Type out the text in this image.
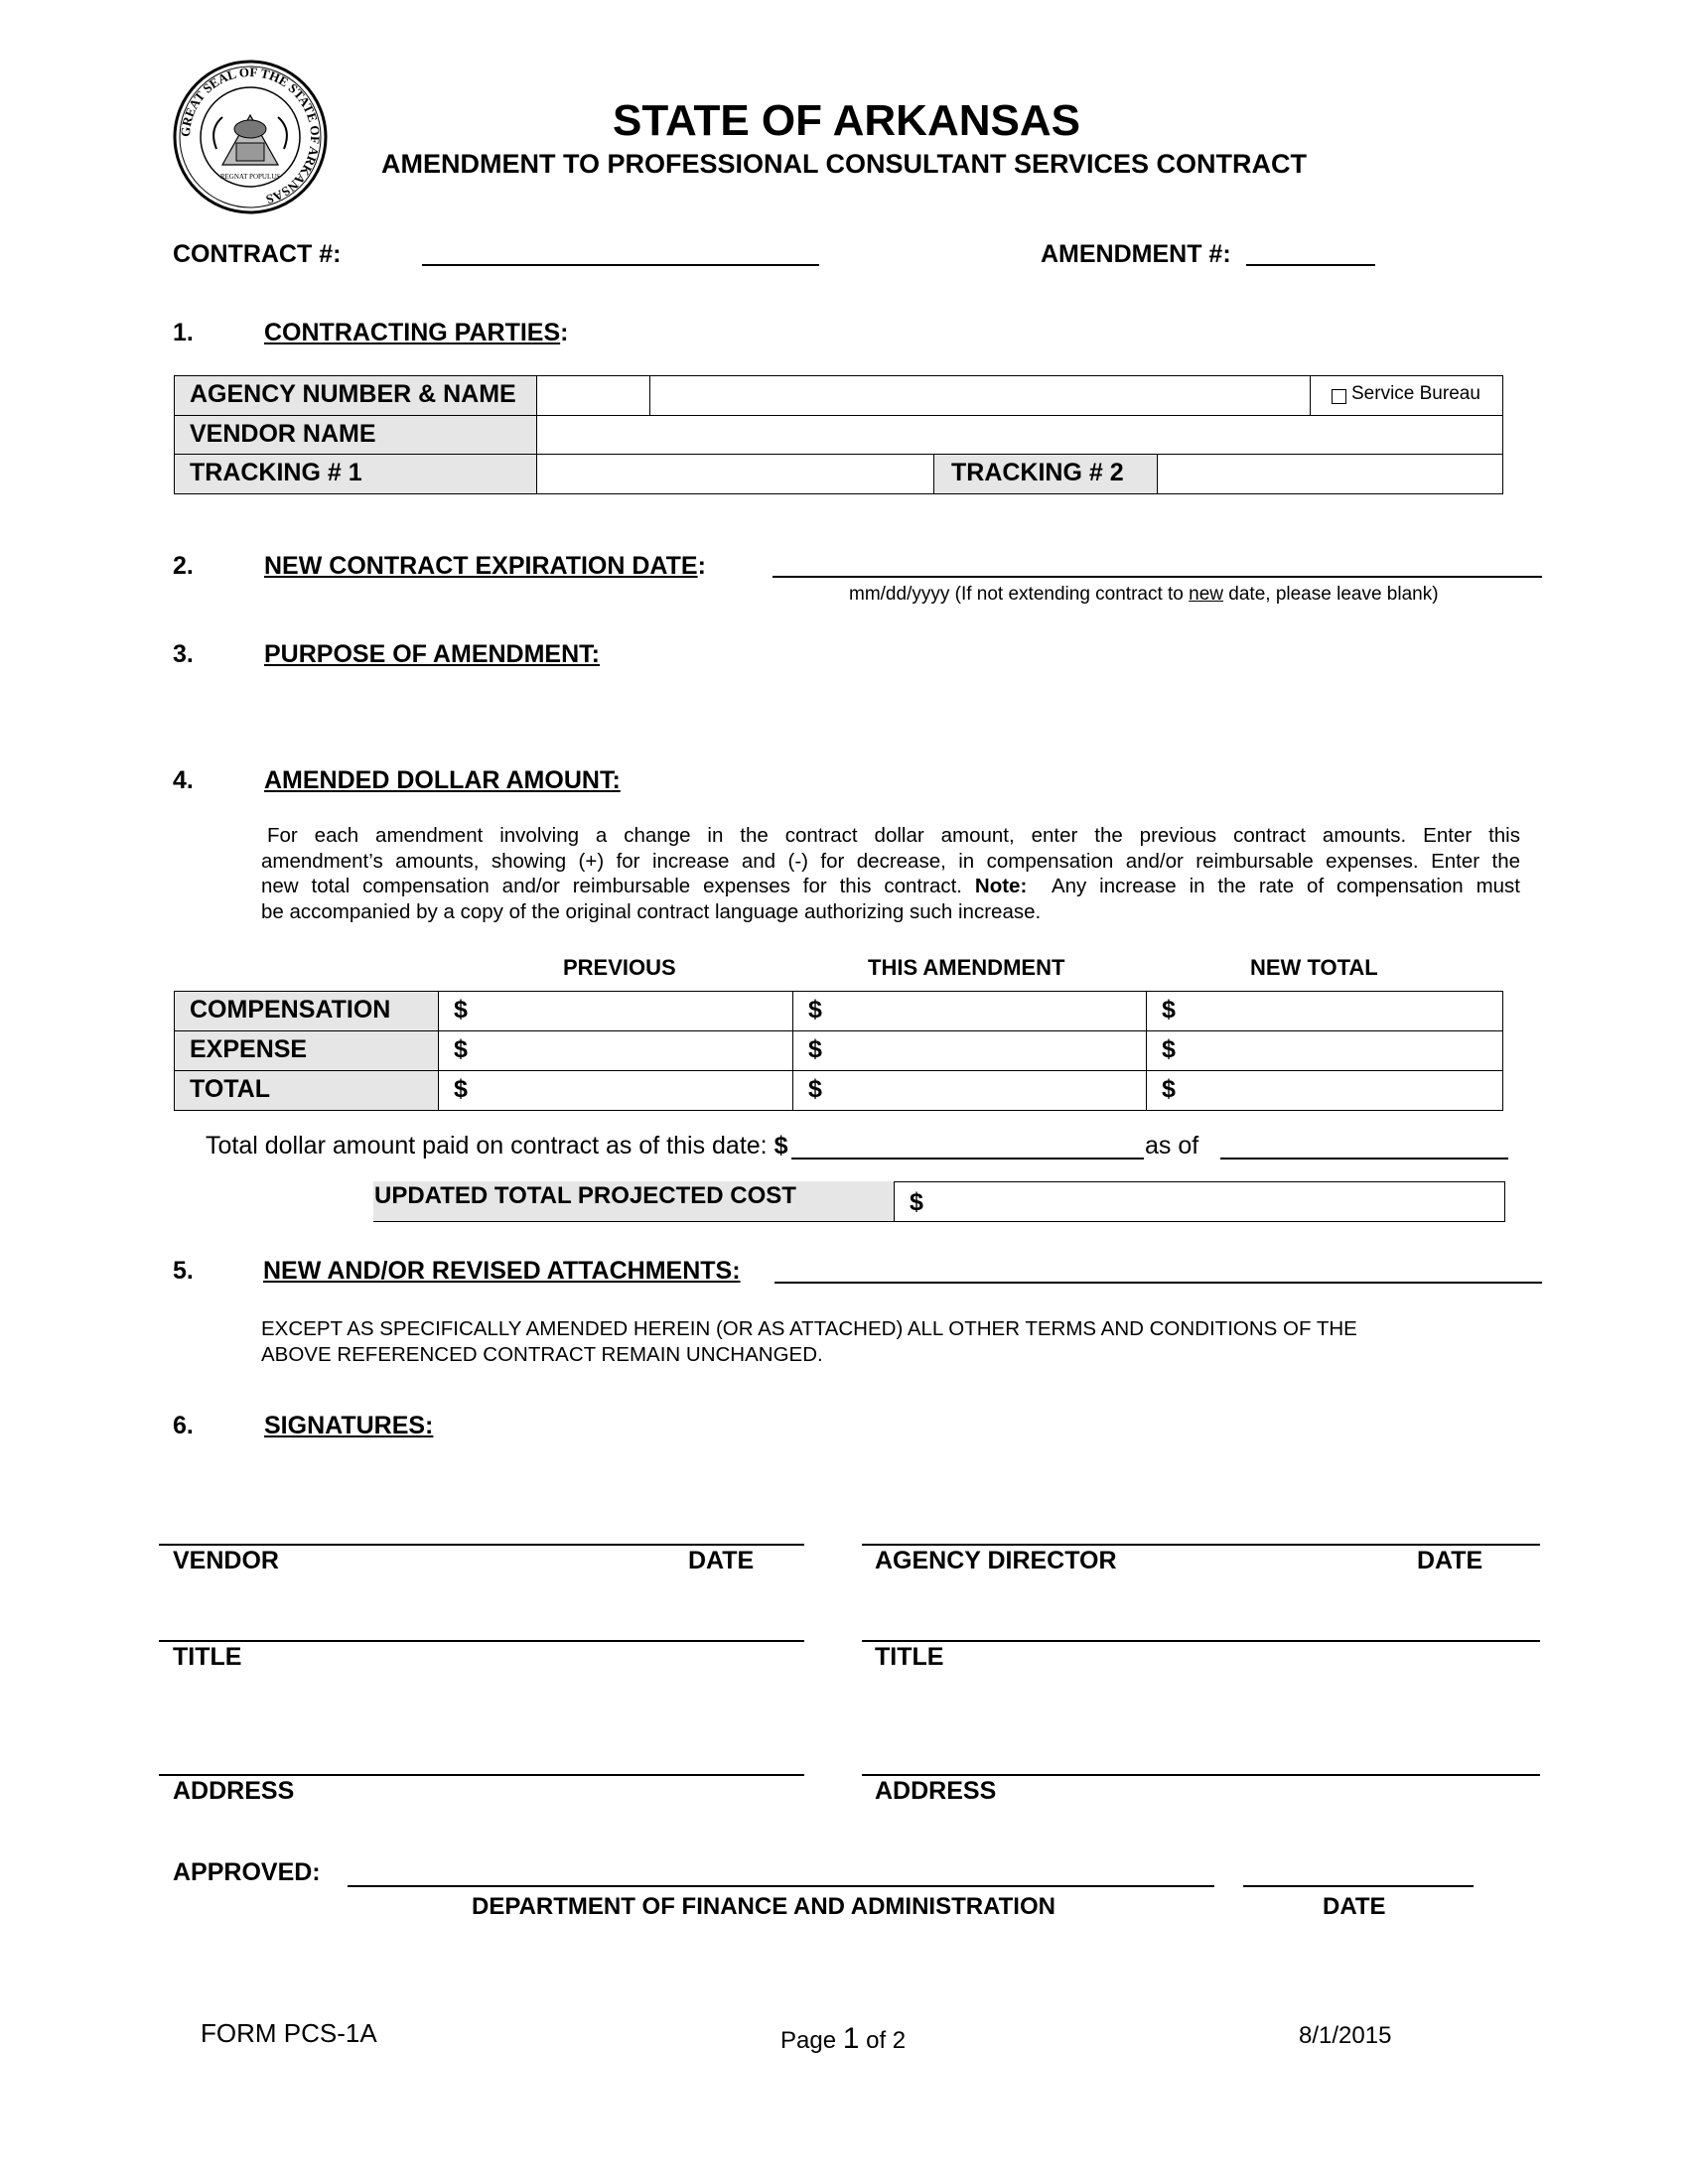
GREAT SEAL OF THE STATE OF ARKANSAS
REGNAT POPULUS
STATE OF ARKANSAS
AMENDMENT TO PROFESSIONAL CONSULTANT SERVICES CONTRACT
CONTRACT #:	AMENDMENT #:
1.	CONTRACTING PARTIES:
AGENCY NUMBER & NAME	Service Bureau
VENDOR NAME
TRACKING # 1	TRACKING # 2
2.	NEW CONTRACT EXPIRATION DATE:
mm/dd/yyyy (If not extending contract to new date, please leave blank)
3.	PURPOSE OF AMENDMENT:
4.	AMENDED DOLLAR AMOUNT:
For each amendment involving a change in the contract dollar amount, enter the previous contract amounts. Enter this
amendment’s amounts, showing (+) for increase and (-) for decrease, in compensation and/or reimbursable expenses. Enter the
new total compensation and/or reimbursable expenses for this contract. Note:  Any increase in the rate of compensation must
be accompanied by a copy of the original contract language authorizing such increase.
PREVIOUS	THIS AMENDMENT	NEW TOTAL
COMPENSATION	$	$	$
EXPENSE	$	$	$
TOTAL	$	$	$
Total dollar amount paid on contract as of this date: $	as of
UPDATED TOTAL PROJECTED COST	$
5.	NEW AND/OR REVISED ATTACHMENTS:
EXCEPT AS SPECIFICALLY AMENDED HEREIN (OR AS ATTACHED) ALL OTHER TERMS AND CONDITIONS OF THE
ABOVE REFERENCED CONTRACT REMAIN UNCHANGED.
6.	SIGNATURES:
VENDOR	DATE
TITLE
ADDRESS
AGENCY DIRECTOR	DATE
TITLE
ADDRESS
APPROVED:
DEPARTMENT OF FINANCE AND ADMINISTRATION	DATE
FORM PCS-1A	Page 1 of 2	8/1/2015
